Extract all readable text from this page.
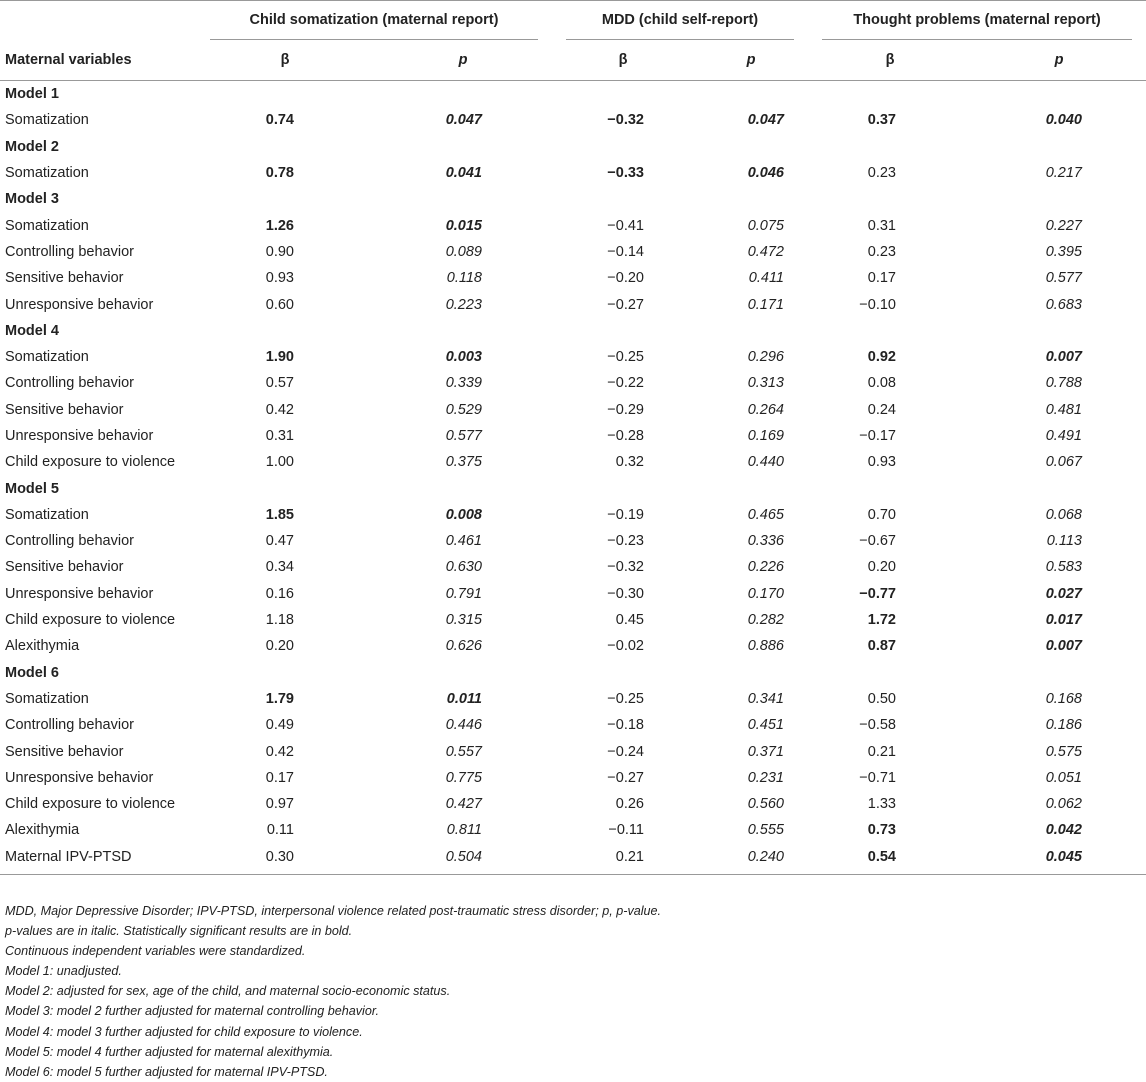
	Child somatization (maternal report)		MDD (child self-report)		Thought problems (maternal report)	

Maternal variables	β	p	β	p	β	p
Model 1						
Somatization	0.74	0.047	−0.32	0.047	0.37	0.040
Model 2						
Somatization	0.78	0.041	−0.33	0.046	0.23	0.217
Model 3						
Somatization	1.26	0.015	−0.41	0.075	0.31	0.227
Controlling behavior	0.90	0.089	−0.14	0.472	0.23	0.395
Sensitive behavior	0.93	0.118	−0.20	0.411	0.17	0.577
Unresponsive behavior	0.60	0.223	−0.27	0.171	−0.10	0.683
Model 4						
Somatization	1.90	0.003	−0.25	0.296	0.92	0.007
Controlling behavior	0.57	0.339	−0.22	0.313	0.08	0.788
Sensitive behavior	0.42	0.529	−0.29	0.264	0.24	0.481
Unresponsive behavior	0.31	0.577	−0.28	0.169	−0.17	0.491
Child exposure to violence	1.00	0.375	0.32	0.440	0.93	0.067
Model 5						
Somatization	1.85	0.008	−0.19	0.465	0.70	0.068
Controlling behavior	0.47	0.461	−0.23	0.336	−0.67	0.113
Sensitive behavior	0.34	0.630	−0.32	0.226	0.20	0.583
Unresponsive behavior	0.16	0.791	−0.30	0.170	−0.77	0.027
Child exposure to violence	1.18	0.315	0.45	0.282	1.72	0.017
Alexithymia	0.20	0.626	−0.02	0.886	0.87	0.007
Model 6						
Somatization	1.79	0.011	−0.25	0.341	0.50	0.168
Controlling behavior	0.49	0.446	−0.18	0.451	−0.58	0.186
Sensitive behavior	0.42	0.557	−0.24	0.371	0.21	0.575
Unresponsive behavior	0.17	0.775	−0.27	0.231	−0.71	0.051
Child exposure to violence	0.97	0.427	0.26	0.560	1.33	0.062
Alexithymia	0.11	0.811	−0.11	0.555	0.73	0.042
Maternal IPV-PTSD	0.30	0.504	0.21	0.240	0.54	0.045
MDD, Major Depressive Disorder; IPV-PTSD, interpersonal violence related post-traumatic stress disorder; p, p-value.
p-values are in italic. Statistically significant results are in bold.
Continuous independent variables were standardized.
Model 1: unadjusted.
Model 2: adjusted for sex, age of the child, and maternal socio-economic status.
Model 3: model 2 further adjusted for maternal controlling behavior.
Model 4: model 3 further adjusted for child exposure to violence.
Model 5: model 4 further adjusted for maternal alexithymia.
Model 6: model 5 further adjusted for maternal IPV-PTSD.
